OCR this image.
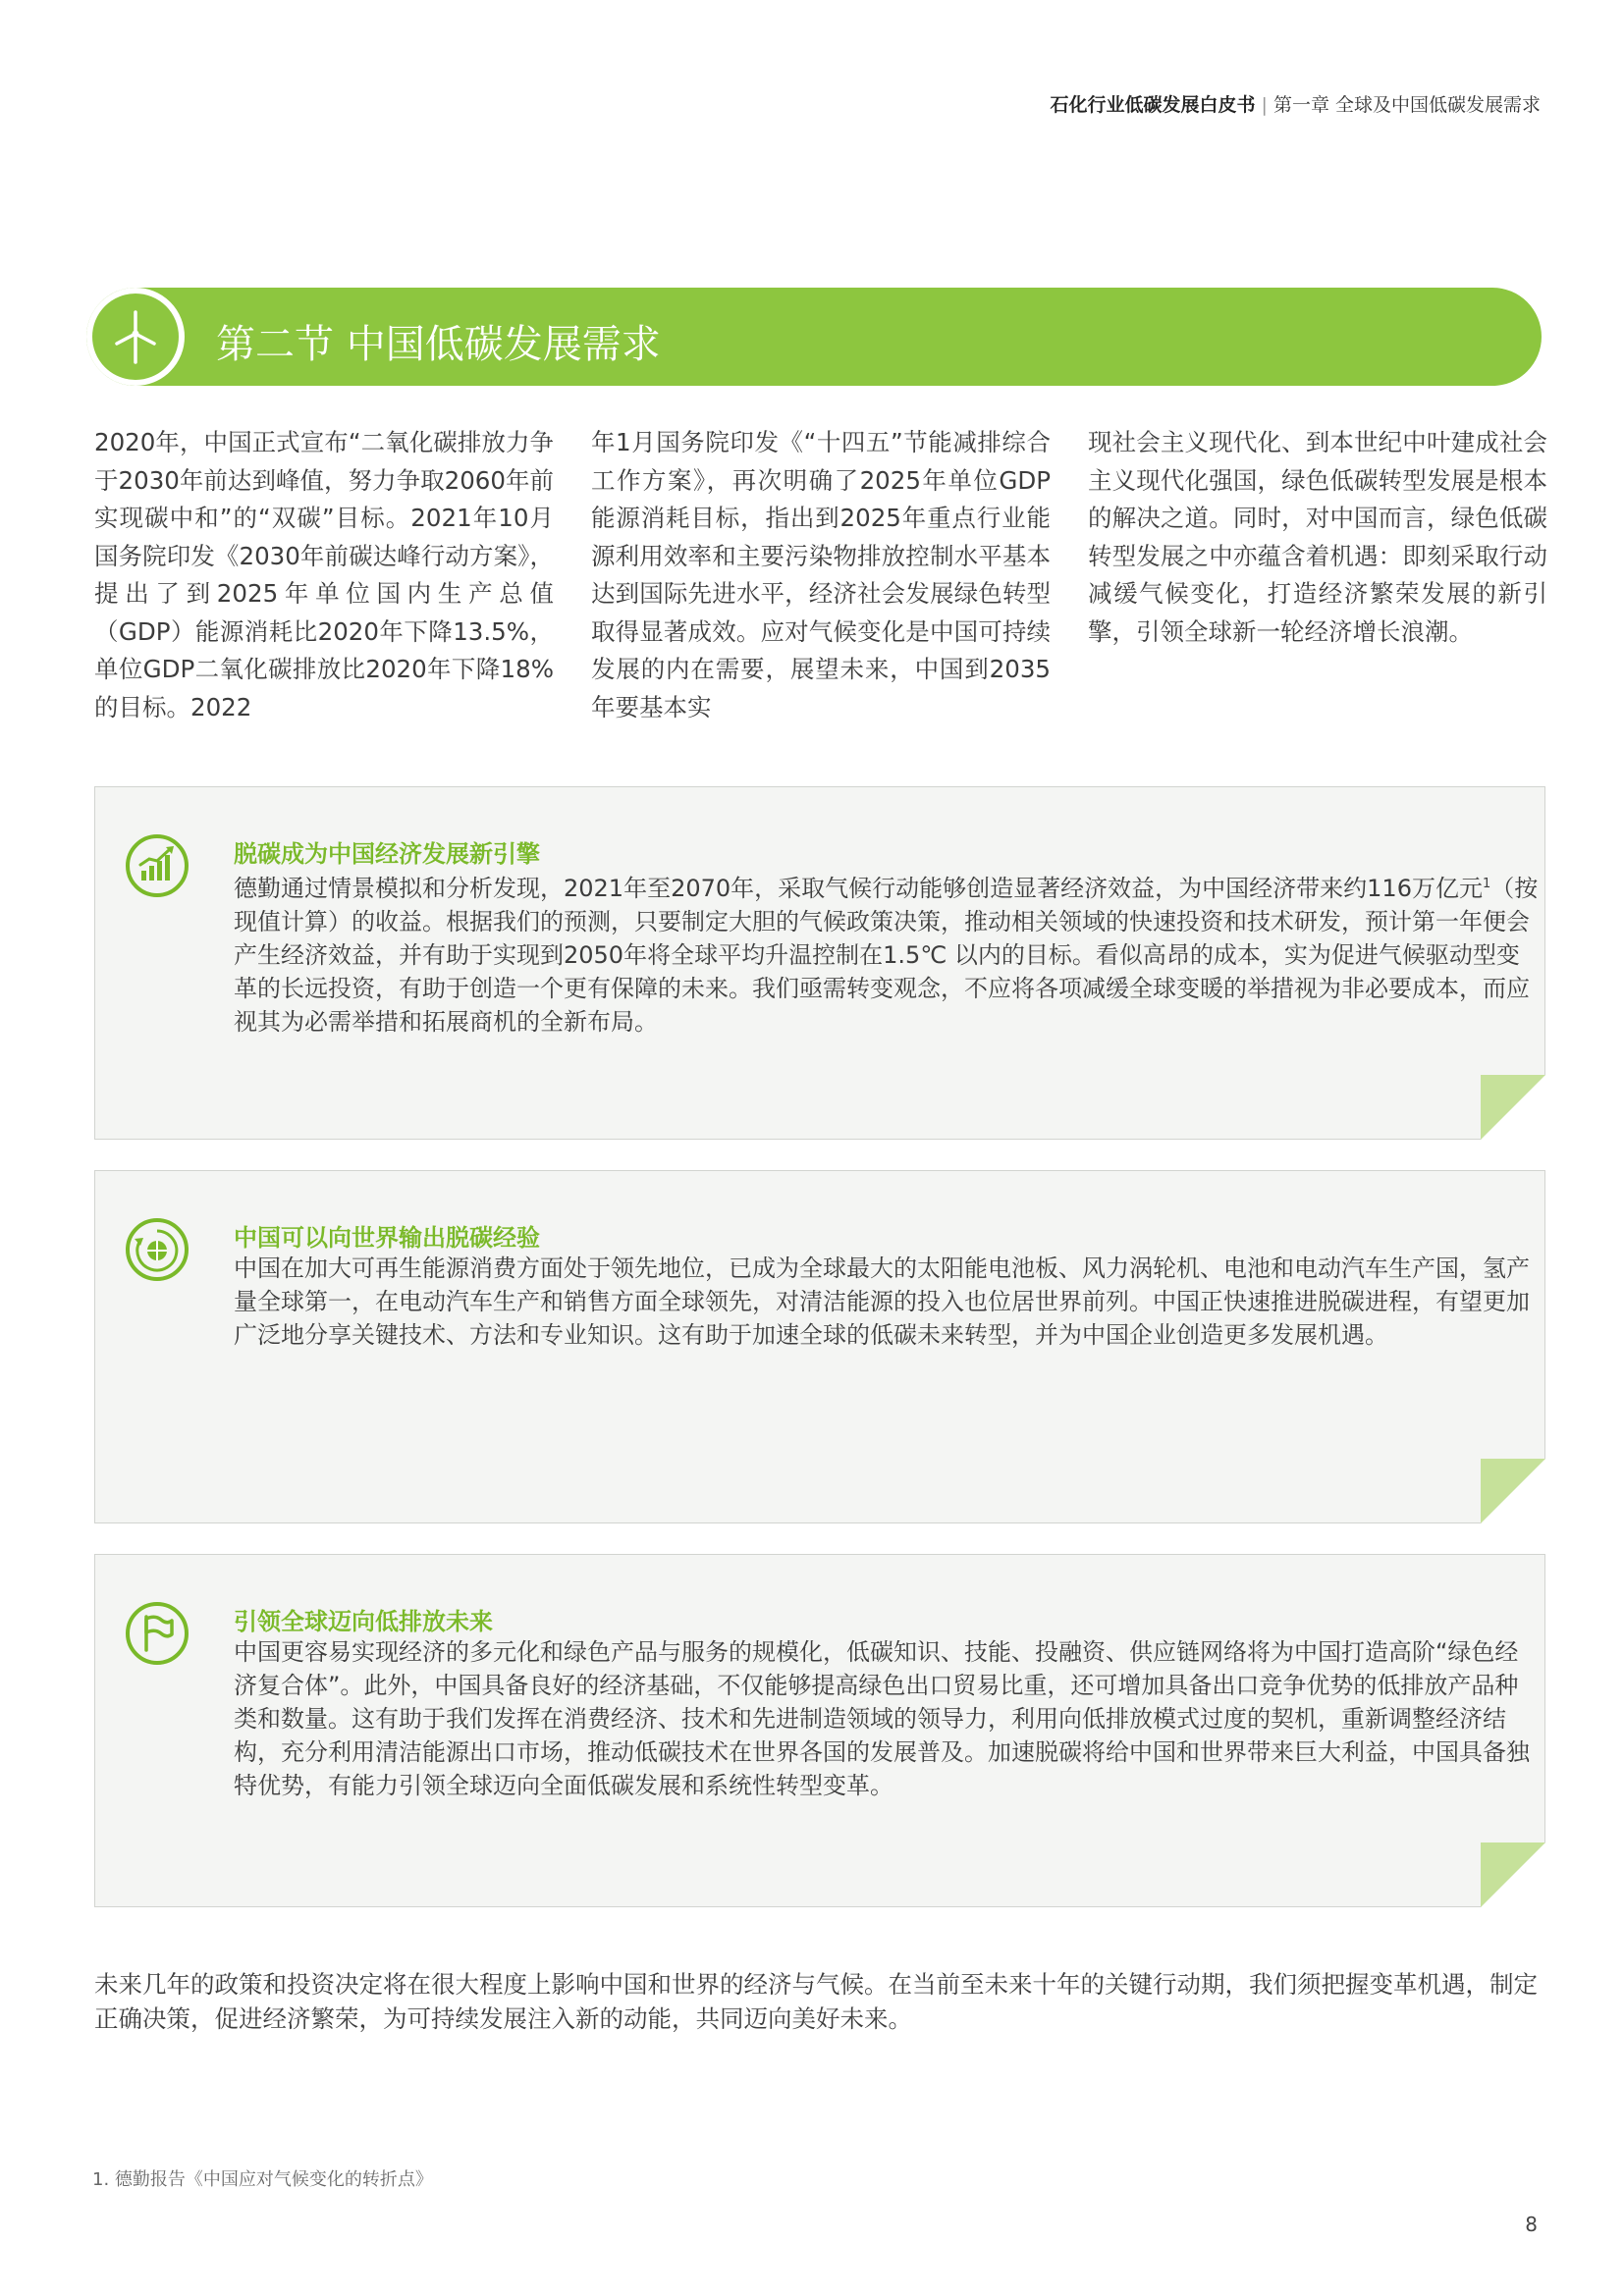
石化行业低碳发展白皮书 | 第一章 全球及中国低碳发展需求
第二节 中国低碳发展需求
2020年，中国正式宣布“二氧化碳排放力争于2030年前达到峰值，努力争取2060年前实现碳中和”的“双碳”目标。2021年10月国务院印发《2030年前碳达峰行动方案》，提出了到2025年单位国内生产总值（GDP）能源消耗比2020年下降13.5%，单位GDP二氧化碳排放比2020年下降18%的目标。2022
年1月国务院印发《“十四五”节能减排综合工作方案》，再次明确了2025年单位GDP能源消耗目标，指出到2025年重点行业能源利用效率和主要污染物排放控制水平基本达到国际先进水平，经济社会发展绿色转型取得显著成效。应对气候变化是中国可持续发展的内在需要，展望未来，中国到2035年要基本实
现社会主义现代化、到本世纪中叶建成社会主义现代化强国，绿色低碳转型发展是根本的解决之道。同时，对中国而言，绿色低碳转型发展之中亦蕴含着机遇：即刻采取行动减缓气候变化，打造经济繁荣发展的新引擎，引领全球新一轮经济增长浪潮。
脱碳成为中国经济发展新引擎
德勤通过情景模拟和分析发现，2021年至2070年，采取气候行动能够创造显著经济效益，为中国经济带来约116万亿元$^1$（按现值计算）的收益。根据我们的预测，只要制定大胆的气候政策决策，推动相关领域的快速投资和技术研发，预计第一年便会产生经济效益，并有助于实现到2050年将全球平均升温控制在1.5℃ 以内的目标。看似高昂的成本，实为促进气候驱动型变革的长远投资，有助于创造一个更有保障的未来。我们亟需转变观念，不应将各项减缓全球变暖的举措视为非必要成本，而应视其为必需举措和拓展商机的全新布局。
中国可以向世界输出脱碳经验
中国在加大可再生能源消费方面处于领先地位，已成为全球最大的太阳能电池板、风力涡轮机、电池和电动汽车生产国，氢产量全球第一，在电动汽车生产和销售方面全球领先，对清洁能源的投入也位居世界前列。中国正快速推进脱碳进程，有望更加广泛地分享关键技术、方法和专业知识。这有助于加速全球的低碳未来转型，并为中国企业创造更多发展机遇。
引领全球迈向低排放未来
中国更容易实现经济的多元化和绿色产品与服务的规模化，低碳知识、技能、投融资、供应链网络将为中国打造高阶“绿色经济复合体”。此外，中国具备良好的经济基础，不仅能够提高绿色出口贸易比重，还可增加具备出口竞争优势的低排放产品种类和数量。这有助于我们发挥在消费经济、技术和先进制造领域的领导力，利用向低排放模式过度的契机，重新调整经济结构，充分利用清洁能源出口市场，推动低碳技术在世界各国的发展普及。加速脱碳将给中国和世界带来巨大利益，中国具备独特优势，有能力引领全球迈向全面低碳发展和系统性转型变革。
未来几年的政策和投资决定将在很大程度上影响中国和世界的经济与气候。在当前至未来十年的关键行动期，我们须把握变革机遇，制定正确决策，促进经济繁荣，为可持续发展注入新的动能，共同迈向美好未来。
1. 德勤报告《中国应对气候变化的转折点》
8
